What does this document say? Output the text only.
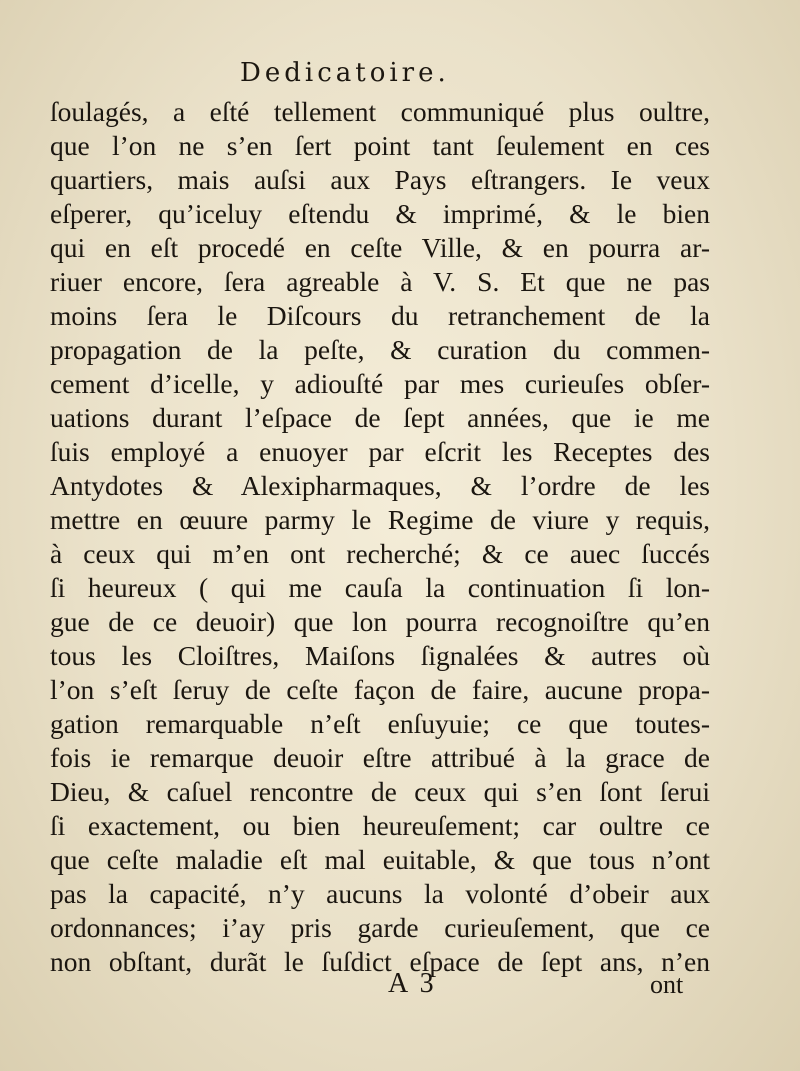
Dedicatoire.
ſoulagés, a eſté tellement communiqué plus oultre,
que l’on ne s’en ſert point tant ſeulement en ces
quartiers, mais auſsi aux Pays eſtrangers. Ie veux
eſperer, qu’iceluy eſtendu & imprimé, & le bien
qui en eſt procedé en ceſte Ville, & en pourra ar-
riuer encore, ſera agreable à V. S. Et que ne pas
moins ſera le Diſcours du retranchement de la
propagation de la peſte, & curation du commen-
cement d’icelle, y adiouſté par mes curieuſes obſer-
uations durant l’eſpace de ſept années, que ie me
ſuis employé a enuoyer par eſcrit les Receptes des
Antydotes & Alexipharmaques, & l’ordre de les
mettre en œuure parmy le Regime de viure y requis,
à ceux qui m’en ont recherché; & ce auec ſuccés
ſi heureux ( qui me cauſa la continuation ſi lon-
gue de ce deuoir) que lon pourra recognoiſtre qu’en
tous les Cloiſtres, Maiſons ſignalées & autres où
l’on s’eſt ſeruy de ceſte façon de faire, aucune propa-
gation remarquable n’eſt enſuyuie; ce que toutes-
fois ie remarque deuoir eſtre attribué à la grace de
Dieu, & caſuel rencontre de ceux qui s’en ſont ſerui
ſi exactement, ou bien heureuſement; car oultre ce
que ceſte maladie eſt mal euitable, & que tous n’ont
pas la capacité, n’y aucuns la volonté d’obeir aux
ordonnances; i’ay pris garde curieuſement, que ce
non obſtant, durãt le ſuſdict eſpace de ſept ans, n’en
A 3	ont
